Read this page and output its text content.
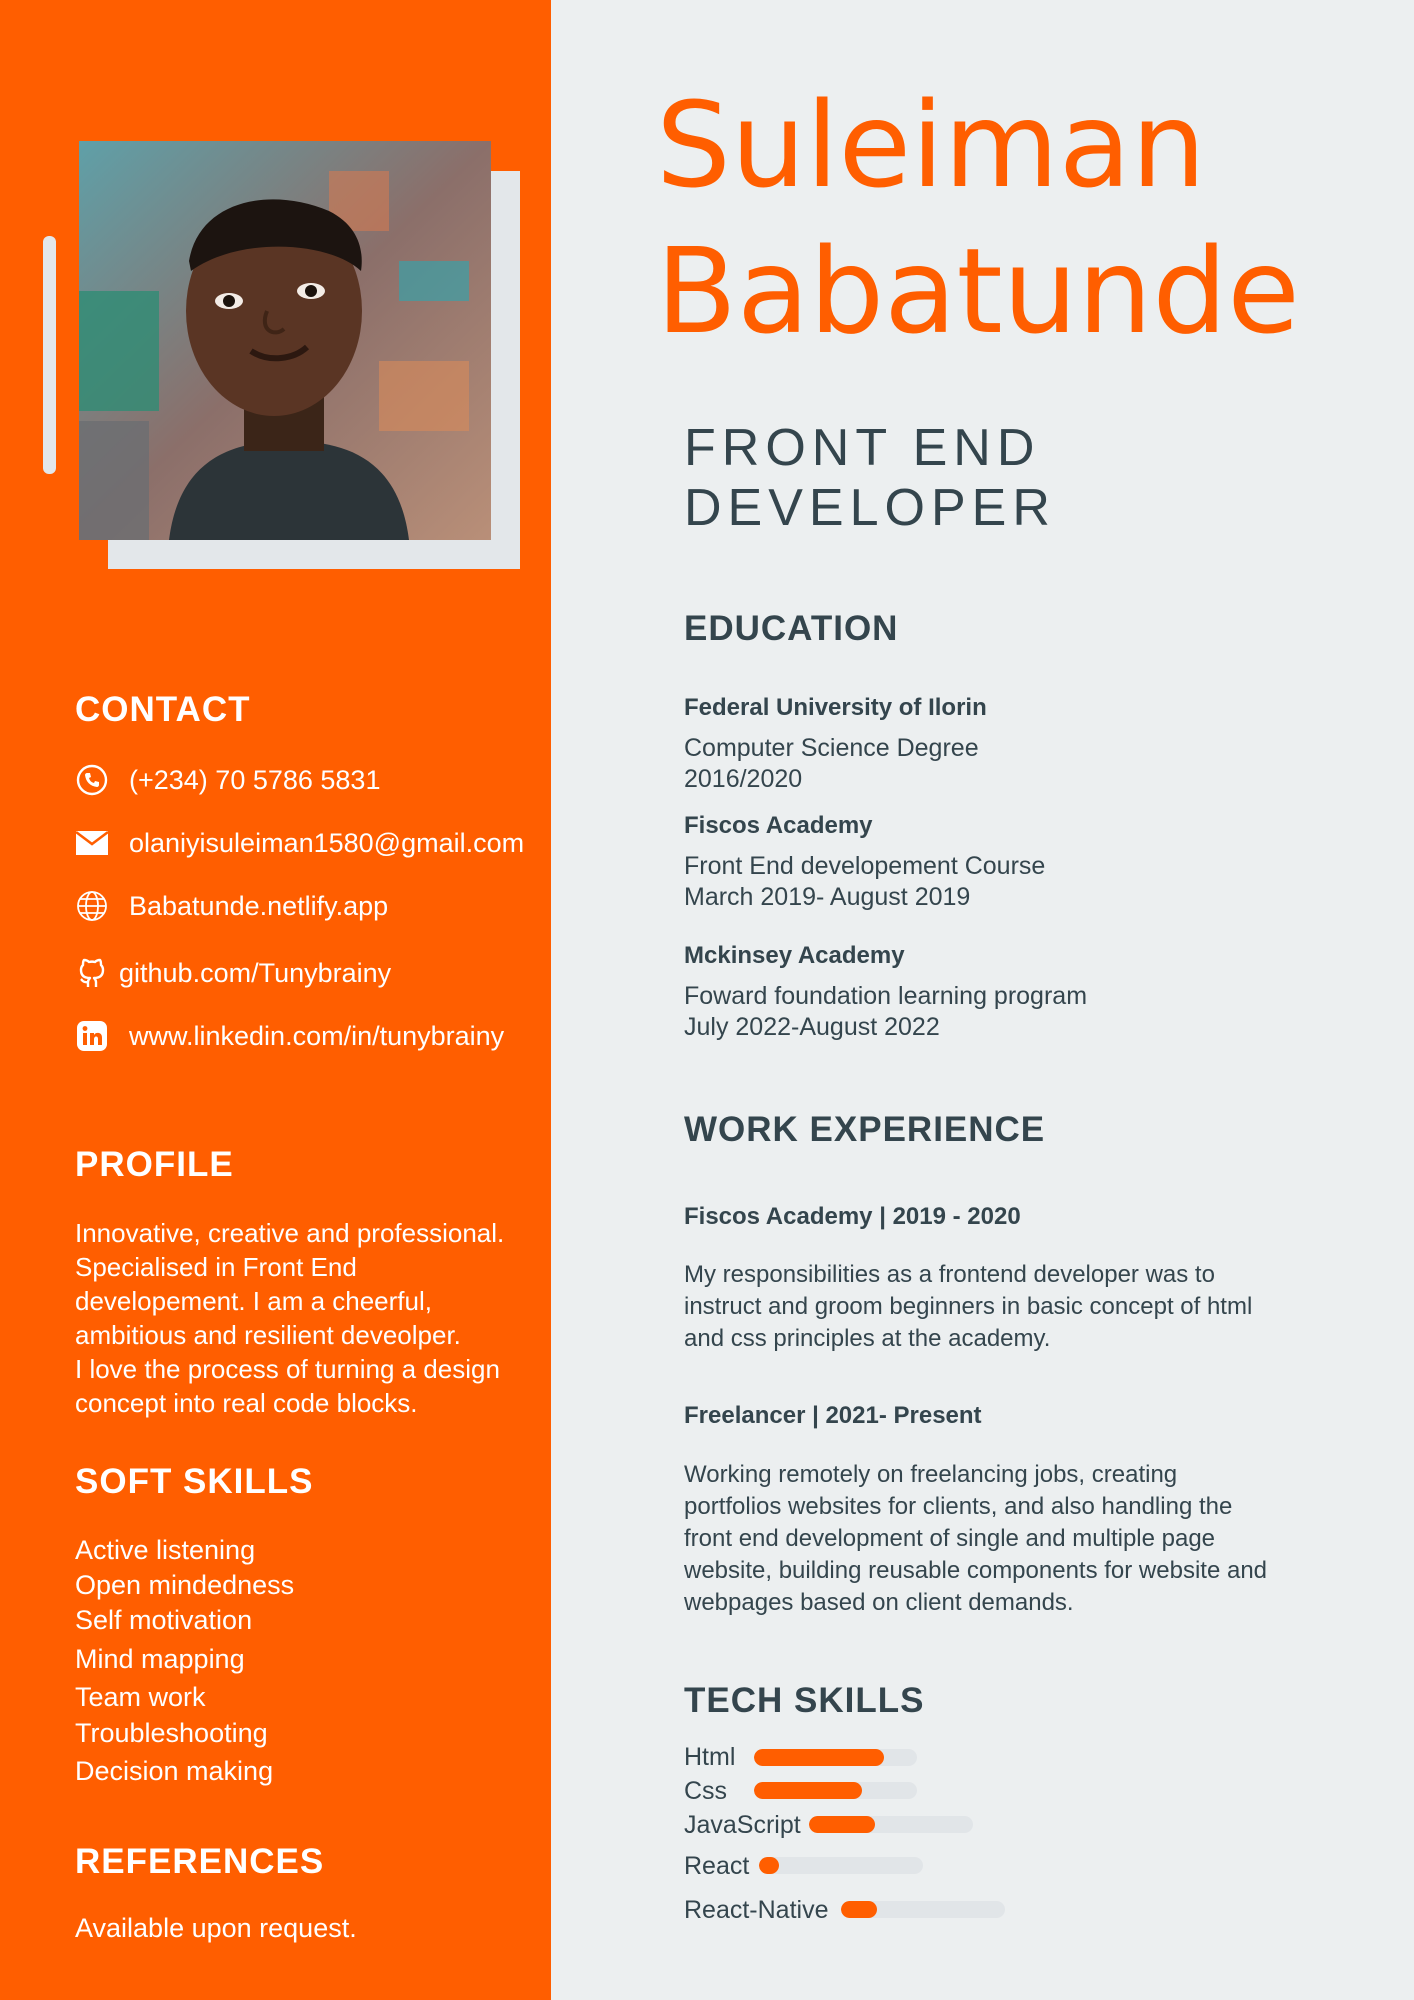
CONTACT
(+234) 70 5786 5831
olaniyisuleiman1580@gmail.com
Babatunde.netlify.app
github.com/Tunybrainy
www.linkedin.com/in/tunybrainy
PROFILE
Innovative, creative and professional.
Specialised in Front End
developement. I am a cheerful,
ambitious and resilient deveolper.
I love the process of turning a design
concept into real code blocks.
SOFT SKILLS
Active listening
Open mindedness
Self motivation
Mind mapping
Team work
Troubleshooting
Decision making
REFERENCES
Available upon request.
Suleiman
Babatunde
FRONT END DEVELOPER
EDUCATION
Federal University of Ilorin
Computer Science Degree
2016/2020
Fiscos Academy
Front End developement Course
March 2019- August 2019
Mckinsey Academy
Foward foundation learning program
July 2022-August 2022
WORK EXPERIENCE
Fiscos Academy | 2019 - 2020
My responsibilities as a frontend developer was to
instruct and groom beginners in basic concept of html
and css principles at the academy.
Freelancer | 2021- Present
Working remotely on freelancing jobs, creating
portfolios websites for clients, and also handling the
front end development of single and multiple page
website, building reusable components for website and
webpages based on client demands.
TECH SKILLS
Html
Css
JavaScript
React
React-Native
